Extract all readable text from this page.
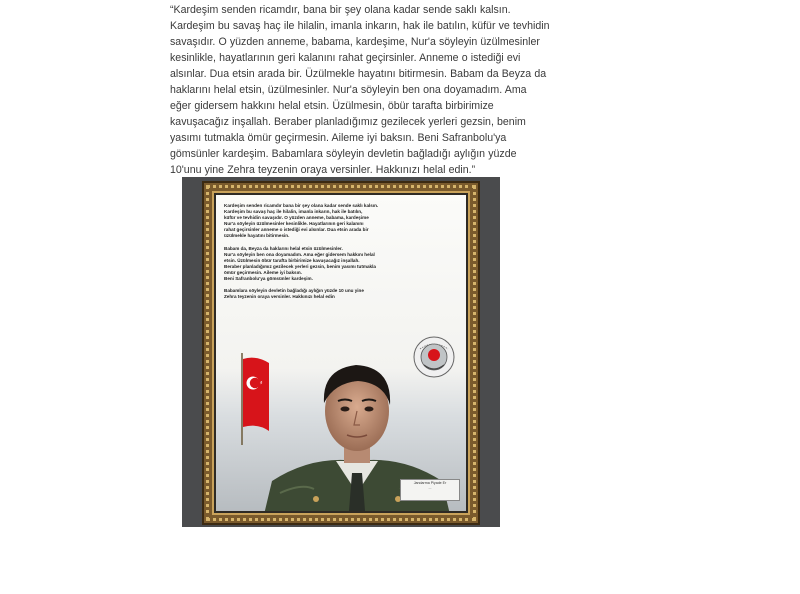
“Kardeşim senden ricamdır, bana bir şey olana kadar sende saklı kalsın. Kardeşim bu savaş haç ile hilalin, imanla inkarın, hak ile batılın, küfür ve tevhidin savaşıdır. O yüzden anneme, babama, kardeşime, Nur'a söyleyin üzülmesinler kesinlikle, hayatlarının geri kalanını rahat geçirsinler. Anneme o istediği evi alsınlar. Dua etsin arada bir. Üzülmekle hayatını bitirmesin. Babam da Beyza da haklarını helal etsin, üzülmesinler. Nur'a söyleyin ben ona doyamadım. Ama eğer gidersem hakkını helal etsin. Üzülmesin, öbür tarafta birbirimize kavuşacağız inşallah. Beraber planladığımız gezilecek yerleri gezsin, benim yasımı tutmakla ömür geçirmesin. Aileme iyi baksın. Beni Safranbolu'ya gömsünler kardeşim. Babamlara söyleyin devletin bağladığı aylığın yüzde 10'unu yine Zehra teyzenin oraya versinler. Hakkınızı helal edin.”

Kardeşim senden ricamdır bana bir şey olana kadar sende saklı kalsın.
Kardeşim bu savaş haç ile hilalin, imanla inkarın, hak ile batılın,
küfür ve tevhidin savaşıdır. O yüzden anneme, babama, kardeşime
Nur'a söyleyin üzülmesinler kesinlikle. Hayatlarının geri kalanını
rahat geçirsinler anneme o istediği evi alsınlar. Dua etsin arada bir
üzülmekle hayatını bitirmesin.

Babam da, Beyza da haklarını helal etsin üzülmesinler.
Nur'a söyleyin ben ona doyamadım. Ama eğer gidersem hakkını helal
etsin. Üzülmesin öbür tarafta birbirimize kavuşacağız inşallah.
Beraber planladığımız gezilecek yerleri gezsin, benim yasımı tutmakla
ömür geçirmesin. Aileme iyi baksın.
Beni Safranbolu'ya gömsünler kardeşim.

Babamlara söyleyin devletin bağladığı aylığın yüzde 10 unu yine
Zehra teyzenin oraya versinler. Hakkınızı helal edin

Jandarma Piyade Er
...
